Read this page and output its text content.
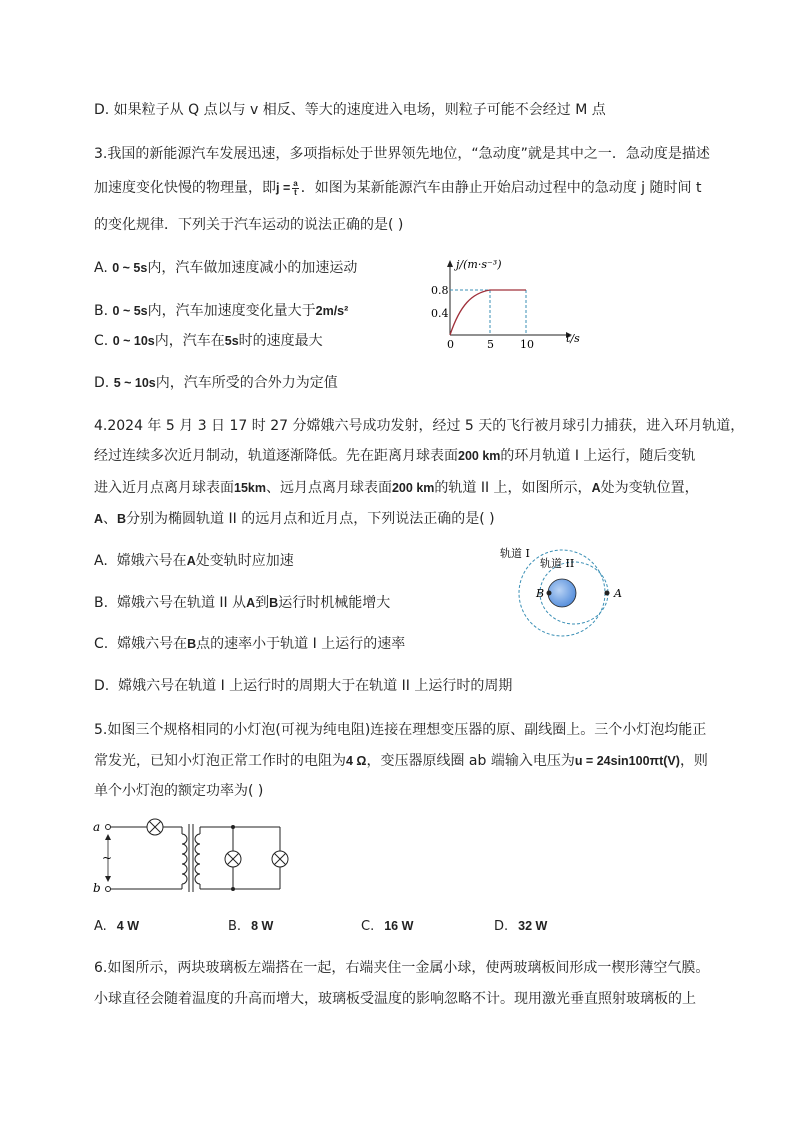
D. 如果粒子从 Q 点以与 v 相反、等大的速度进入电场，则粒子可能不会经过 M 点
3.我国的新能源汽车发展迅速，多项指标处于世界领先地位，“急动度”就是其中之一．急动度是描述
加速度变化快慢的物理量，即$j = \frac{a}{t}$ ．如图为某新能源汽车由静止开始启动过程中的急动度 j 随时间 t
的变化规律．下列关于汽车运动的说法正确的是( )
A. 0 ~ 5s内，汽车做加速度减小的加速运动
B. 0 ~ 5s内，汽车加速度变化量大于2m/s²
C. 0 ~ 10s内，汽车在5s时的速度最大
D. 5 ~ 10s内，汽车所受的合外力为定值
j/(m·s⁻³)
t/s
0
0.8
0.4
5 10
4.2024 年 5 月 3 日 17 时 27 分嫦娥六号成功发射，经过 5 天的飞行被月球引力捕获，进入环月轨道，
经过连续多次近月制动，轨道逐渐降低。先在距离月球表面200 km的环月轨道 I 上运行，随后变轨
进入近月点离月球表面15km、远月点离月球表面200 km的轨道 II 上，如图所示，A处为变轨位置，
A、B分别为椭圆轨道 II 的远月点和近月点，下列说法正确的是( )
A. 嫦娥六号在A处变轨时应加速
B. 嫦娥六号在轨道 II 从A到B运行时机械能增大
C. 嫦娥六号在B点的速率小于轨道 I 上运行的速率
D. 嫦娥六号在轨道 I 上运行时的周期大于在轨道 II 上运行时的周期
轨道 I
轨道 II
B	A
5.如图三个规格相同的小灯泡(可视为纯电阻)连接在理想变压器的原、副线圈上。三个小灯泡均能正
常发光，已知小灯泡正常工作时的电阻为4 Ω，变压器原线圈 ab 端输入电压为u = 24sin100πt(V)，则
单个小灯泡的额定功率为( )
a
b
~
A. 4 W	B. 8 W	C. 16 W	D. 32 W
6.如图所示，两块玻璃板左端搭在一起，右端夹住一金属小球，使两玻璃板间形成一楔形薄空气膜。
小球直径会随着温度的升高而增大，玻璃板受温度的影响忽略不计。现用激光垂直照射玻璃板的上
